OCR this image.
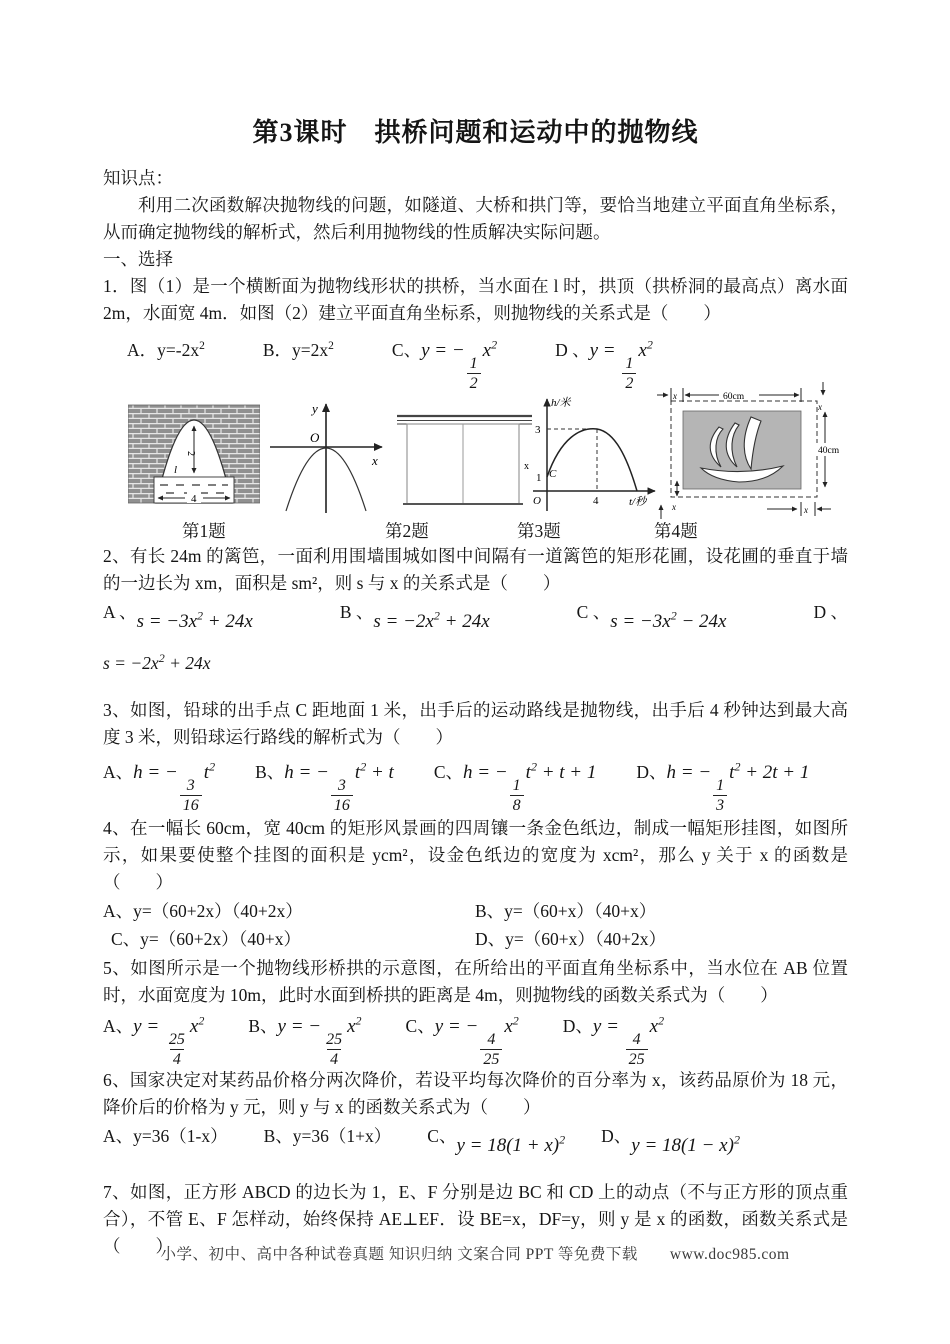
第3课时　拱桥问题和运动中的抛物线

知识点：

利用二次函数解决抛物线的问题，如隧道、大桥和拱门等，要恰当地建立平面直角坐标系，从而确定抛物线的解析式，然后利用抛物线的性质解决实际问题。

一、选择

1．图（1）是一个横断面为抛物线形状的拱桥，当水面在 l 时，拱顶（拱桥洞的最高点）离水面 2m，水面宽 4m．如图（2）建立平面直角坐标系，则抛物线的关系式是（　　）

A．$y=-2x^2$	B．$y=2x^2$	C、y = −
$\frac{1}{2}$
$x^2$	D 、y =
$\frac{1}{2}$
$x^2$
2
l
4
y
O
x	x
h/米
3
1 C
O	4	t/秒
x	60cm
x
40cm
x	x
第1题	第2题	第3题	第4题

2、有长 24m 的篱笆，一面利用围墙围城如图中间隔有一道篱笆的矩形花圃，设花圃的垂直于墙的一边长为 xm，面积是 sm²，则 s 与 x 的关系式是（　　）

A 、$s = -3x^2 + 24x$	B 、$s = -2x^2 + 24x$	C 、$s = -3x^2 - 24x$	D 、
$s = -2x^2 + 24x$

3、如图，铅球的出手点 C 距地面 1 米，出手后的运动路线是抛物线，出手后 4 秒钟达到最大高度 3 米，则铅球运行路线的解析式为（　　）

A、h = −
$\frac{3}{16}$
$t^2$ B、h = −
$\frac{3}{16}$
$t^2 + t$ C、h = −
$\frac{1}{8}$
$t^2 + t + 1$ D、h = −
$\frac{1}{3}$
$t^2 + 2t + 1$

4、在一幅长 60cm，宽 40cm 的矩形风景画的四周镶一条金色纸边，制成一幅矩形挂图，如图所示，如果要使整个挂图的面积是 ycm²，设金色纸边的宽度为 xcm²，那么 y 关于 x 的函数是（　　）

A、y=（60+2x）（40+2x）	B、y=（60+x）（40+x）
C、y=（60+2x）（40+x）	D、y=（60+x）（40+2x）

5、如图所示是一个抛物线形桥拱的示意图，在所给出的平面直角坐标系中，当水位在 AB 位置时，水面宽度为 10m，此时水面到桥拱的距离是 4m，则抛物线的函数关系式为（　　）

A、y =
$\frac{25}{4}$
$x^2$	B、y = −
$\frac{25}{4}$
$x^2$	C、y = −
$\frac{4}{25}$
$x^2$	D、y =
$\frac{4}{25}$
$x^2$

6、国家决定对某药品价格分两次降价，若设平均每次降价的百分率为 x，该药品原价为 18 元，降价后的价格为 y 元，则 y 与 x 的函数关系式为（　　）

A、y=36（1-x） B、y=36（1+x） C、$y = 18(1 + x)^2$ D、$y = 18(1 - x)^2$

7、如图，正方形 ABCD 的边长为 1，E、F 分别是边 BC 和 CD 上的动点（不与正方形的顶点重合），不管 E、F 怎样动，始终保持 AE⊥EF．设 BE=x，DF=y，则 y 是 x 的函数，函数关系式是（　　）

小学、初中、高中各种试卷真题 知识归纳 文案合同 PPT 等免费下载　　www.doc985.com
